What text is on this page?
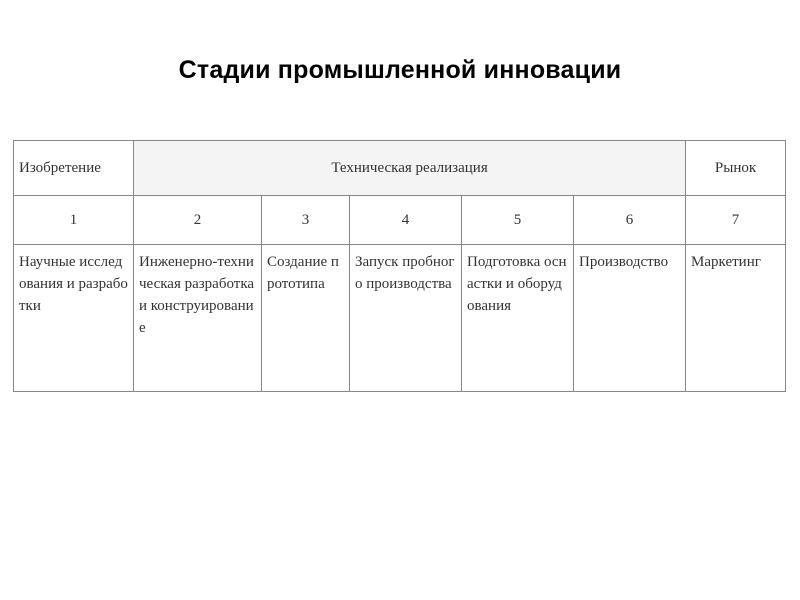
Стадии промышленной инновации
Изобретение	Техническая реализация					Рынок
1	2	3	4	5	6	7
Научные исследования и разработки	Инженерно-техническая разработка и конструирование	Создание прототипа	Запуск пробного производства	Подготовка оснастки и оборудования	Производство	Маркетинг
